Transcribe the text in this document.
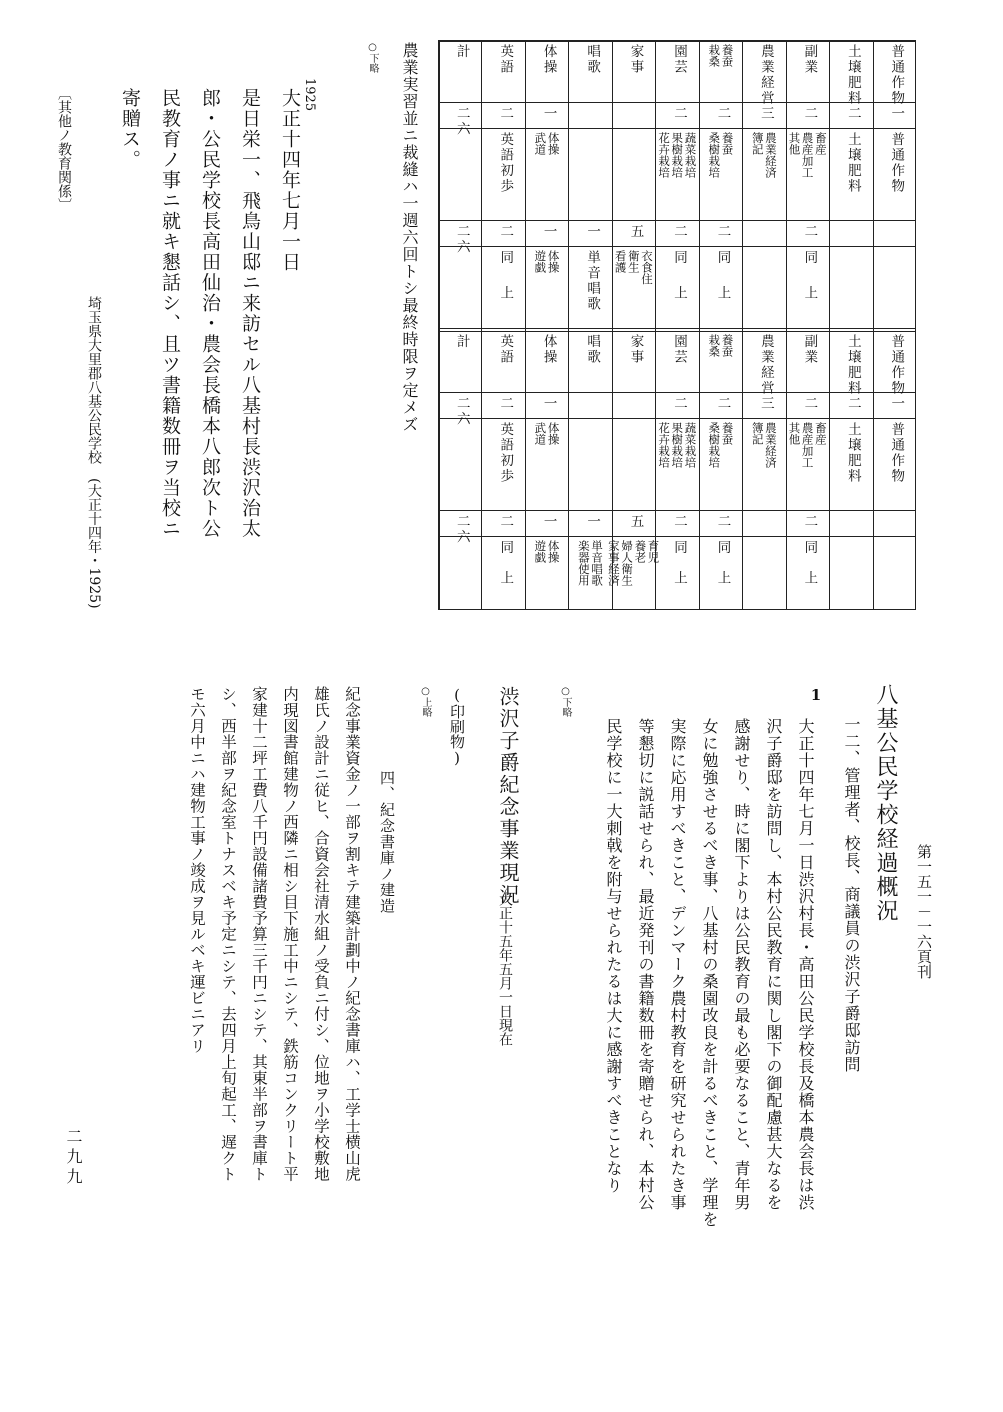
普通作物
一
普通作物
普通作物
一
普通作物
土壌肥料
二
土壌肥料
土壌肥料
二
土壌肥料
副業
二
畜産
農産加工
其他
二
同上
副業
二
畜産
農産加工
其他
二
同上
農業経営
三
農業経済
簿記
農業経営
三
農業経済
簿記
養蚕
栽桑
二
養蚕
桑樹栽培
二
同上
養蚕
栽桑
二
養蚕
桑樹栽培
二
同上
園芸
二
蔬菜栽培
果樹栽培
花卉栽培
二
同上
園芸
二
蔬菜栽培
果樹栽培
花卉栽培
二
同上
家事
五
衣食住
衛生
看護
家事
五
育児
養老
婦人衛生
家事経済
唱歌
一
単音唱歌
唱歌
一
単音唱歌
楽器使用
体操
一
体操
武道
一
体操
遊戯
体操
一
体操
武道
一
体操
遊戯
英語
二
英語初歩
二
同上
英語
二
英語初歩
二
同上
計
二六
二六
計
二六
二六
農業実習並ニ裁縫ハ一週六回トシ最終時限ヲ定メズ
○下略
八基公民学校経過概況 第一五一－一六頁刊
一二、管理者、校長、商議員の渋沢子爵邸訪問
1

大正十四年七月一日渋沢村長・高田公民学校長及橋本農会長は渋

沢子爵邸を訪問し、本村公民教育に関し閣下の御配慮甚大なるを

感謝せり、時に閣下よりは公民教育の最も必要なること、青年男

女に勉強させるべき事、八基村の桑園改良を計るべきこと、学理を

実際に応用すべきこと、デンマーク農村教育を研究せられたき事

等懇切に説話せられ、最近発刊の書籍数冊を寄贈せられ、本村公

民学校に一大刺戟を附与せられたるは大に感謝すべきことなり

○下略
渋沢子爵紀念事業現況
大正十五年五月一日現在
(印刷物)
○上略
四、紀念書庫ノ建造

紀念事業資金ノ一部ヲ割キテ建築計劃中ノ紀念書庫ハ、工学士横山虎

雄氏ノ設計ニ従ヒ、合資会社清水組ノ受負ニ付シ、位地ヲ小学校敷地

内現図書館建物ノ西隣ニ相シ目下施工中ニシテ、鉄筋コンクリート平

家建十二坪工費八千円設備諸費予算三千円ニシテ、其東半部ヲ書庫ト

シ、西半部ヲ紀念室トナスベキ予定ニシテ、去四月上旬起工、遅クト

モ六月中ニハ建物工事ノ竣成ヲ見ルベキ運ビニアリ

1925

大正十四年七月一日

是日栄一、飛鳥山邸ニ来訪セル八基村長渋沢治太

郎・公民学校長高田仙治・農会長橋本八郎次ト公

民教育ノ事ニ就キ懇話シ、且ツ書籍数冊ヲ当校ニ

寄贈ス。

〔其他ノ教育関係〕
埼玉県大里郡八基公民学校　(大正十四年・1925)
二九九
